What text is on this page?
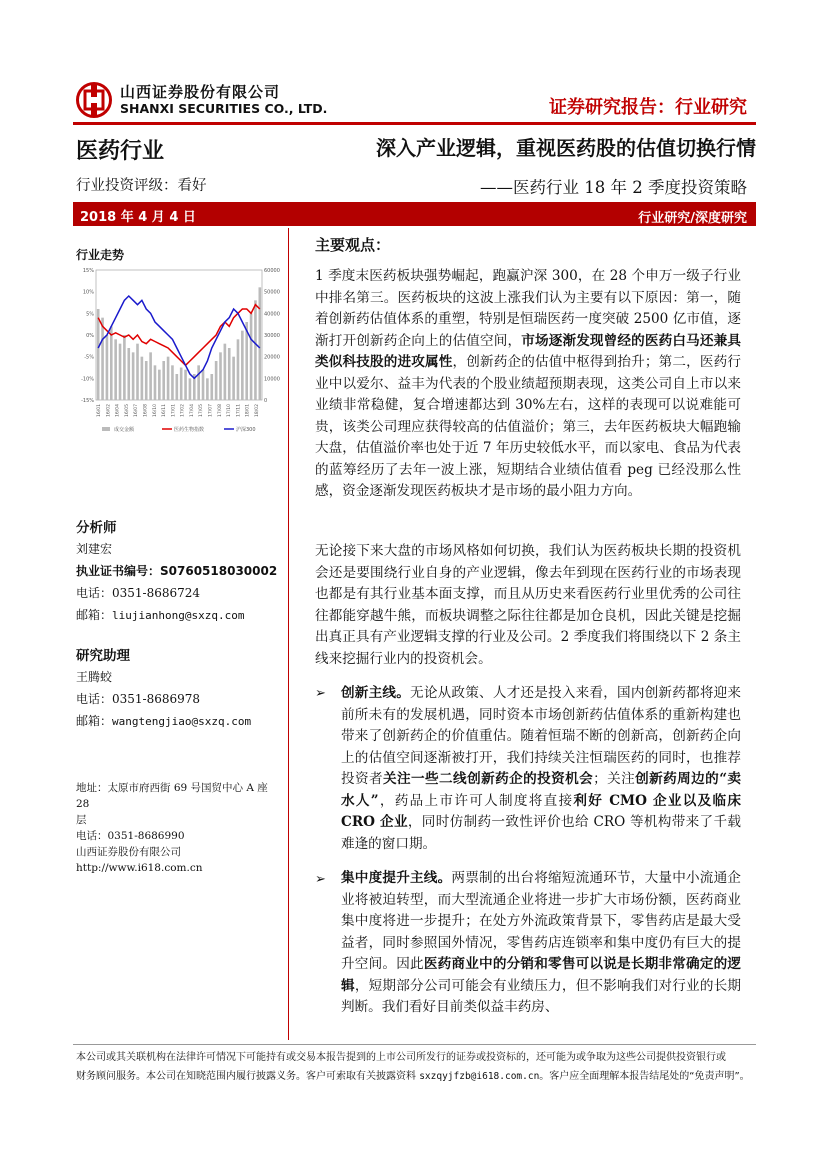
山西证券股份有限公司
SHANXI SECURITIES CO., LTD.	证券研究报告：行业研究
医药行业	深入产业逻辑，重视医药股的估值切换行情
行业投资评级：看好	——医药行业 18 年 2 季度投资策略
2018 年 4 月 4 日	行业研究/深度研究
行业走势
15%
10%
5%
0%
-5%
-10%
-15%
60000
50000
40000
30000
20000
10000
0
16/01 16/02 16/04 16/05 16/07 16/08 16/10 16/11 17/01 17/02 17/04 17/05 17/07 17/08 17/10 17/11 18/01 18/02
成交金额	医药生物指数	沪深300
分析师
刘建宏
执业证书编号：S0760518030002
电话：0351-8686724
邮箱：liujianhong@sxzq.com
研究助理
王腾蛟
电话：0351-8686978
邮箱：wangtengjiao@sxzq.com
地址：太原市府西街 69 号国贸中心 A 座 28
层
电话：0351-8686990
山西证券股份有限公司
http://www.i618.com.cn
主要观点：
1 季度末医药板块强势崛起，跑赢沪深 300，在 28 个申万一级子行业中排名第三。医药板块的这波上涨我们认为主要有以下原因：第一，随着创新药估值体系的重塑，特别是恒瑞医药一度突破 2500 亿市值，逐渐打开创新药企向上的估值空间，市场逐渐发现曾经的医药白马还兼具类似科技股的进攻属性，创新药企的估值中枢得到抬升；第二，医药行业中以爱尔、益丰为代表的个股业绩超预期表现，这类公司自上市以来业绩非常稳健，复合增速都达到 30%左右，这样的表现可以说难能可贵，该类公司理应获得较高的估值溢价；第三，去年医药板块大幅跑输大盘，估值溢价率也处于近 7 年历史较低水平，而以家电、食品为代表的蓝筹经历了去年一波上涨，短期结合业绩估值看 peg 已经没那么性感，资金逐渐发现医药板块才是市场的最小阻力方向。
无论接下来大盘的市场风格如何切换，我们认为医药板块长期的投资机会还是要围绕行业自身的产业逻辑，像去年到现在医药行业的市场表现也都是有其行业基本面支撑，而且从历史来看医药行业里优秀的公司往往都能穿越牛熊，而板块调整之际往往都是加仓良机，因此关键是挖掘出真正具有产业逻辑支撑的行业及公司。2 季度我们将围绕以下 2 条主线来挖掘行业内的投资机会。
➢ 创新主线。无论从政策、人才还是投入来看，国内创新药都将迎来前所未有的发展机遇，同时资本市场创新药估值体系的重新构建也带来了创新药企的价值重估。随着恒瑞不断的创新高，创新药企向上的估值空间逐渐被打开，我们持续关注恒瑞医药的同时，也推荐投资者关注一些二线创新药企的投资机会；关注创新药周边的“卖水人”，药品上市许可人制度将直接利好 CMO 企业以及临床 CRO 企业，同时仿制药一致性评价也给 CRO 等机构带来了千载难逢的窗口期。
➢ 集中度提升主线。两票制的出台将缩短流通环节，大量中小流通企业将被迫转型，而大型流通企业将进一步扩大市场份额，医药商业集中度将进一步提升；在处方外流政策背景下，零售药店是最大受益者，同时参照国外情况，零售药店连锁率和集中度仍有巨大的提升空间。因此医药商业中的分销和零售可以说是长期非常确定的逻辑，短期部分公司可能会有业绩压力，但不影响我们对行业的长期判断。我们看好目前类似益丰药房、
本公司或其关联机构在法律许可情况下可能持有或交易本报告提到的上市公司所发行的证券或投资标的，还可能为或争取为这些公司提供投资银行或
财务顾问服务。本公司在知晓范围内履行披露义务。客户可索取有关披露资料 sxzqyjfzb@i618.com.cn。客户应全面理解本报告结尾处的“免责声明”。
